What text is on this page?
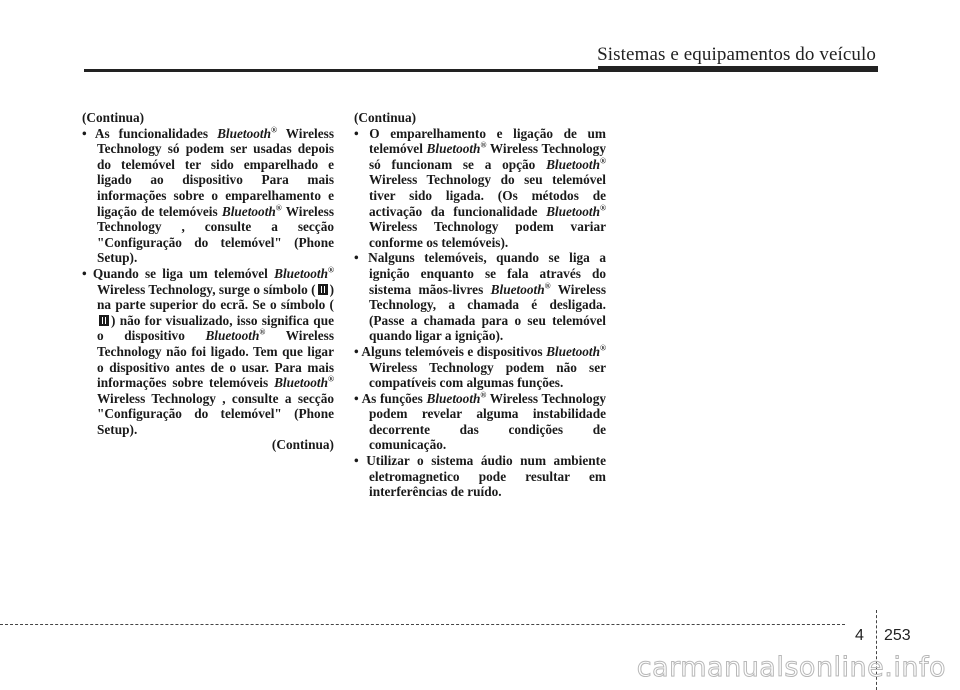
Sistemas e equipamentos do veículo

(Continua)

• As funcionalidades Bluetooth® Wireless Technology só podem ser usadas depois do telemóvel ter sido emparelhado e ligado ao dispositivo Para mais informações sobre o emparelhamento e ligação de telemóveis Bluetooth® Wireless Technology , consulte a secção "Configuração do telemóvel" (Phone Setup).

• Quando se liga um telemóvel Bluetooth® Wireless Technology, surge o símbolo ( ) na parte superior do ecrã. Se o símbolo () não for visualizado, isso significa que o dispositivo Bluetooth® Wireless Technology não foi ligado. Tem que ligar o dispositivo antes de o usar. Para mais informações sobre telemóveis Bluetooth® Wireless Technology , consulte a secção "Configuração do telemóvel" (Phone Setup).

(Continua)

(Continua)

• O emparelhamento e ligação de um telemóvel Bluetooth® Wireless Technology só funcionam se a opção Bluetooth® Wireless Technology do seu telemóvel tiver sido ligada. (Os métodos de activação da funcionalidade Bluetooth® Wireless Technology podem variar conforme os telemóveis).

• Nalguns telemóveis, quando se liga a ignição enquanto se fala através do sistema mãos-livres Bluetooth® Wireless Technology, a chamada é desligada. (Passe a chamada para o seu telemóvel quando ligar a ignição).

• Alguns telemóveis e dispositivos Bluetooth® Wireless Technology podem não ser compatíveis com algumas funções.

• As funções Bluetooth® Wireless Technology podem revelar alguma instabilidade decorrente das condições de comunicação.

• Utilizar o sistema áudio num ambiente eletromagnetico pode resultar em interferências de ruído.

4 253
carmanualsonline.info
